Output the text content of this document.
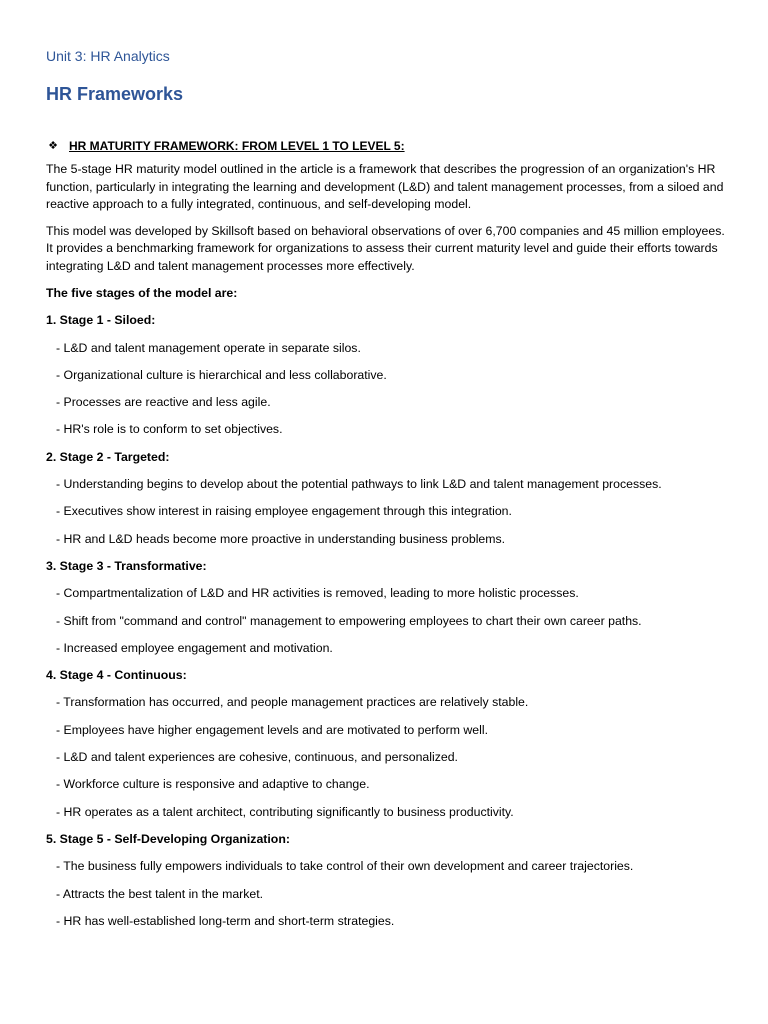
Unit 3: HR Analytics

HR Frameworks
❖ HR MATURITY FRAMEWORK: FROM LEVEL 1 TO LEVEL 5:

The 5-stage HR maturity model outlined in the article is a framework that describes the progression of an organization's HR function, particularly in integrating the learning and development (L&D) and talent management processes, from a siloed and reactive approach to a fully integrated, continuous, and self-developing model.

This model was developed by Skillsoft based on behavioral observations of over 6,700 companies and 45 million employees. It provides a benchmarking framework for organizations to assess their current maturity level and guide their efforts towards integrating L&D and talent management processes more effectively.

The five stages of the model are:

1. Stage 1 - Siloed:

- L&D and talent management operate in separate silos.

- Organizational culture is hierarchical and less collaborative.

- Processes are reactive and less agile.

- HR's role is to conform to set objectives.

2. Stage 2 - Targeted:

- Understanding begins to develop about the potential pathways to link L&D and talent management processes.

- Executives show interest in raising employee engagement through this integration.

- HR and L&D heads become more proactive in understanding business problems.

3. Stage 3 - Transformative:

- Compartmentalization of L&D and HR activities is removed, leading to more holistic processes.

- Shift from "command and control" management to empowering employees to chart their own career paths.

- Increased employee engagement and motivation.

4. Stage 4 - Continuous:

- Transformation has occurred, and people management practices are relatively stable.

- Employees have higher engagement levels and are motivated to perform well.

- L&D and talent experiences are cohesive, continuous, and personalized.

- Workforce culture is responsive and adaptive to change.

- HR operates as a talent architect, contributing significantly to business productivity.

5. Stage 5 - Self-Developing Organization:

- The business fully empowers individuals to take control of their own development and career trajectories.

- Attracts the best talent in the market.

- HR has well-established long-term and short-term strategies.
